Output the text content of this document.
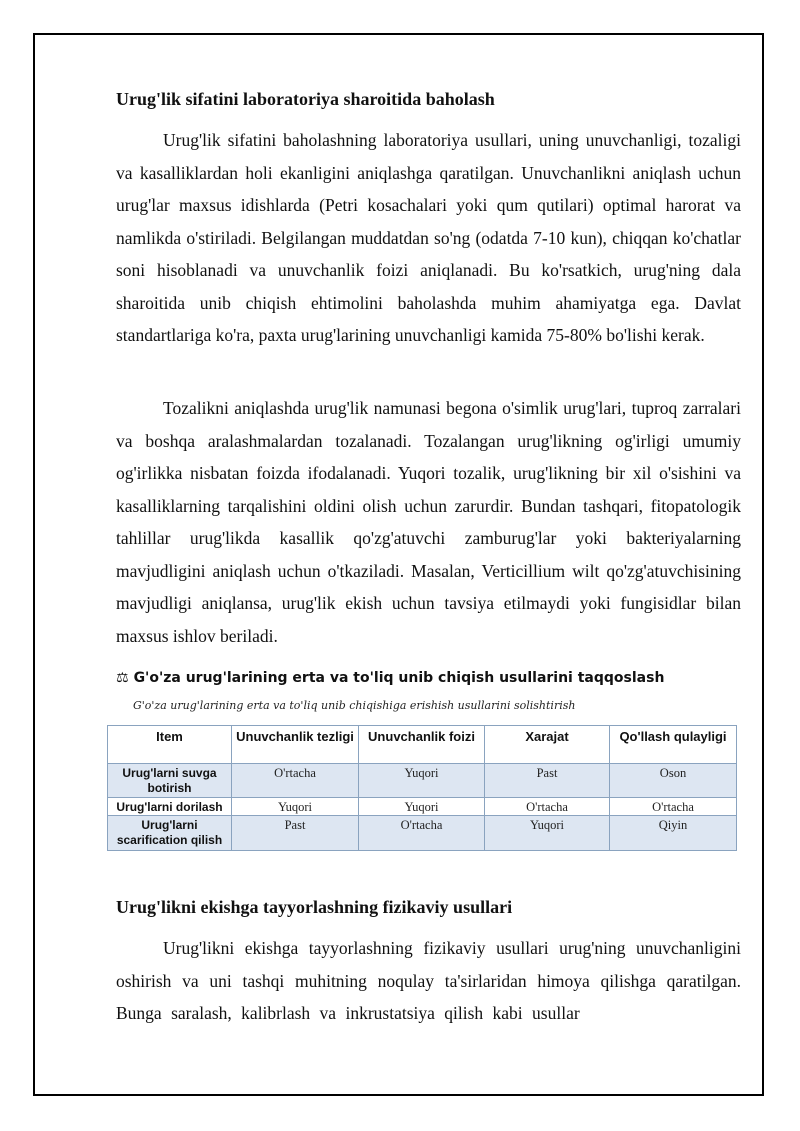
Urug'lik sifatini laboratoriya sharoitida baholash

Urug'lik sifatini baholashning laboratoriya usullari, uning unuvchanligi, tozaligi va kasalliklardan holi ekanligini aniqlashga qaratilgan. Unuvchanlikni aniqlash uchun urug'lar maxsus idishlarda (Petri kosachalari yoki qum qutilari) optimal harorat va namlikda o'stiriladi. Belgilangan muddatdan so'ng (odatda 7-10 kun), chiqqan ko'chatlar soni hisoblanadi va unuvchanlik foizi aniqlanadi. Bu ko'rsatkich, urug'ning dala sharoitida unib chiqish ehtimolini baholashda muhim ahamiyatga ega. Davlat standartlariga ko'ra, paxta urug'larining unuvchanligi kamida 75-80% bo'lishi kerak.

Tozalikni aniqlashda urug'lik namunasi begona o'simlik urug'lari, tuproq zarralari va boshqa aralashmalardan tozalanadi. Tozalangan urug'likning og'irligi umumiy og'irlikka nisbatan foizda ifodalanadi. Yuqori tozalik, urug'likning bir xil o'sishini va kasalliklarning tarqalishini oldini olish uchun zarurdir. Bundan tashqari, fitopatologik tahlillar urug'likda kasallik qo'zg'atuvchi zamburug'lar yoki bakteriyalarning mavjudligini aniqlash uchun o'tkaziladi. Masalan, Verticillium wilt qo'zg'atuvchisining mavjudligi aniqlansa, urug'lik ekish uchun tavsiya etilmaydi yoki fungisidlar bilan maxsus ishlov beriladi.

⚖ G'o'za urug'larining erta va to'liq unib chiqish usullarini taqqoslash

G'o'za urug'larining erta va to'liq unib chiqishiga erishish usullarini solishtirish

Item	Unuvchanlik tezligi	Unuvchanlik foizi	Xarajat	Qo'llash qulayligi
Urug'larni suvga botirish	O'rtacha	Yuqori	Past	Oson
Urug'larni dorilash	Yuqori	Yuqori	O'rtacha	O'rtacha
Urug'larni scarification qilish	Past	O'rtacha	Yuqori	Qiyin
Urug'likni ekishga tayyorlashning fizikaviy usullari

Urug'likni ekishga tayyorlashning fizikaviy usullari urug'ning unuvchanligini oshirish va uni tashqi muhitning noqulay ta'sirlaridan himoya qilishga qaratilgan. Bunga saralash, kalibrlash va inkrustatsiya qilish kabi usullar
